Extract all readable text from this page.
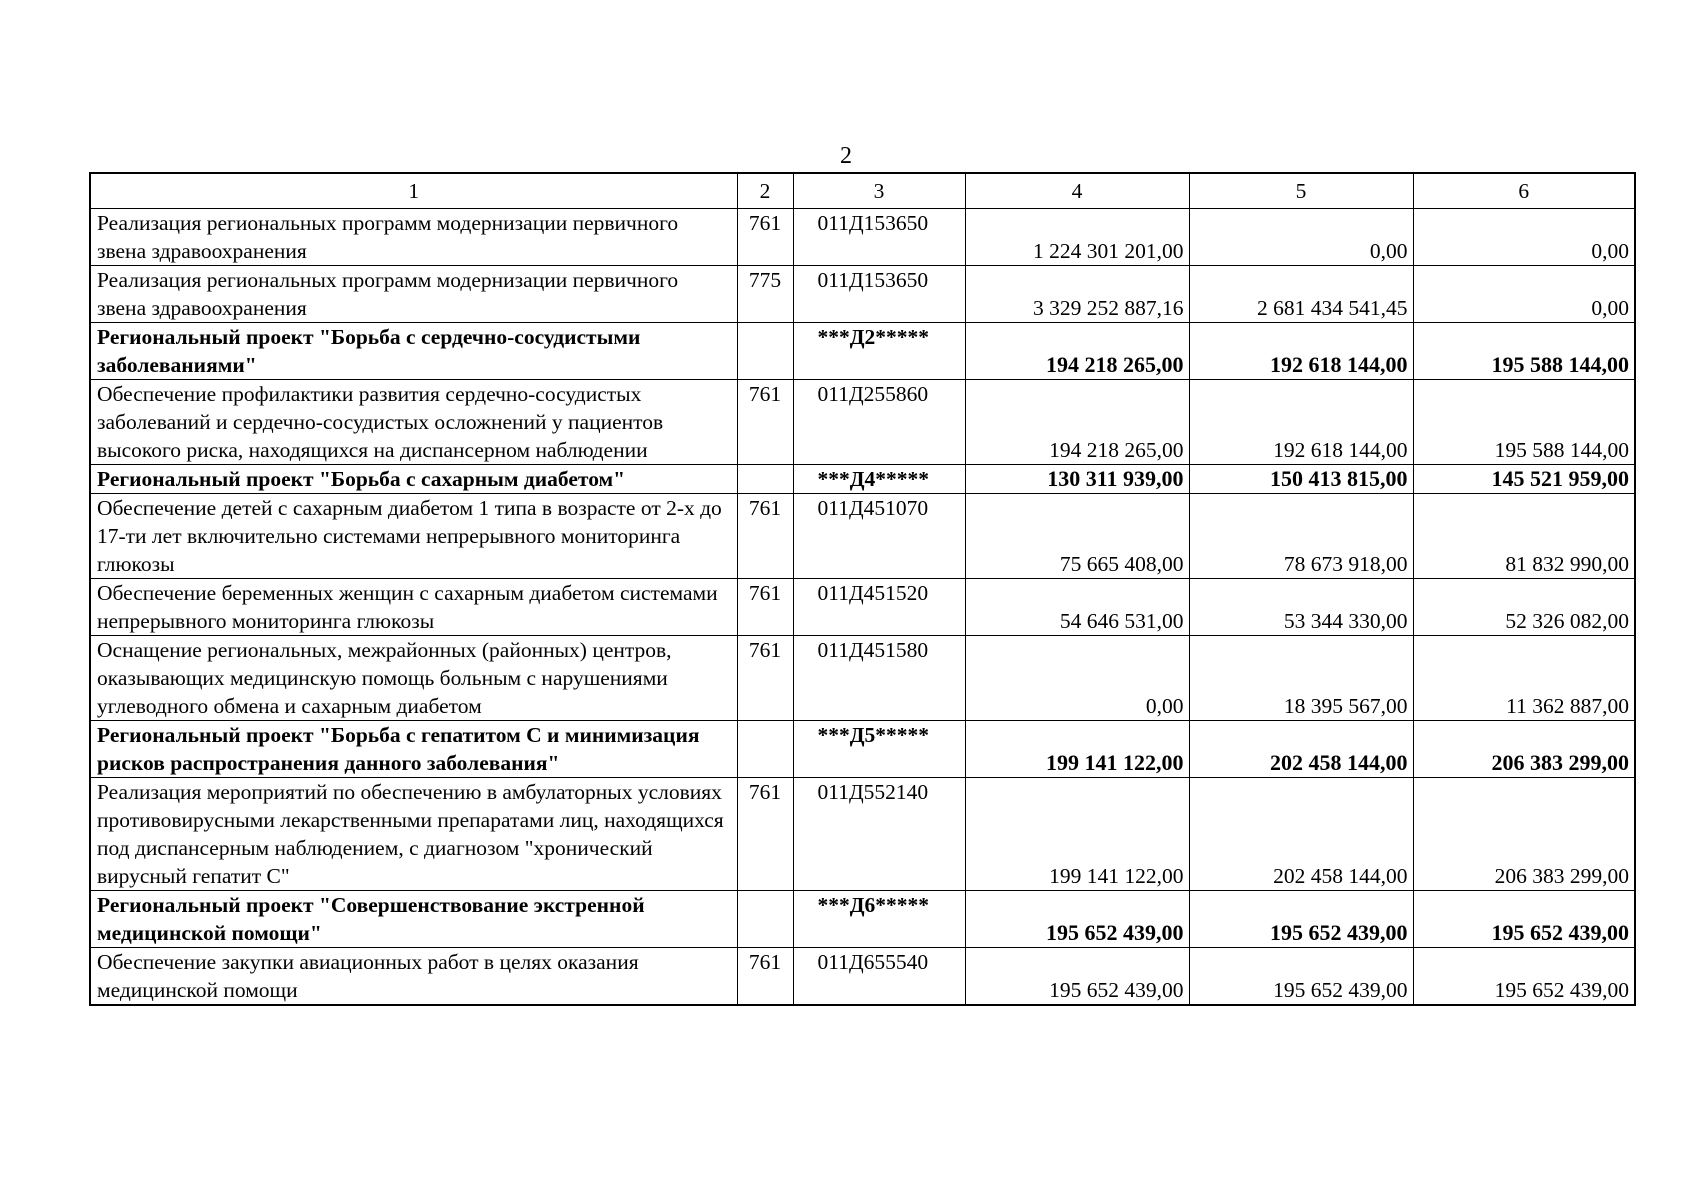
2
1	2	3	4	5	6
Реализация региональных программ модернизации первичного звена здравоохранения	761	011Д153650	1 224 301 201,00	0,00	0,00
Реализация региональных программ модернизации первичного звена здравоохранения	775	011Д153650	3 329 252 887,16	2 681 434 541,45	0,00
Региональный проект "Борьба с сердечно-сосудистыми заболеваниями"		***Д2*****	194 218 265,00	192 618 144,00	195 588 144,00
Обеспечение профилактики развития сердечно-сосудистых заболеваний и сердечно-сосудистых осложнений у пациентов высокого риска, находящихся на диспансерном наблюдении	761	011Д255860	194 218 265,00	192 618 144,00	195 588 144,00
Региональный проект "Борьба с сахарным диабетом"		***Д4*****	130 311 939,00	150 413 815,00	145 521 959,00
Обеспечение детей с сахарным диабетом 1 типа в возрасте от 2-х до 17-ти лет включительно системами непрерывного мониторинга глюкозы	761	011Д451070	75 665 408,00	78 673 918,00	81 832 990,00
Обеспечение беременных женщин с сахарным диабетом системами непрерывного мониторинга глюкозы	761	011Д451520	54 646 531,00	53 344 330,00	52 326 082,00
Оснащение региональных, межрайонных (районных) центров, оказывающих медицинскую помощь больным с нарушениями углеводного обмена и сахарным диабетом	761	011Д451580	0,00	18 395 567,00	11 362 887,00
Региональный проект "Борьба с гепатитом С и минимизация рисков распространения данного заболевания"		***Д5*****	199 141 122,00	202 458 144,00	206 383 299,00
Реализация мероприятий по обеспечению в амбулаторных условиях противовирусными лекарственными препаратами лиц, находящихся под диспансерным наблюдением, с диагнозом "хронический вирусный гепатит С"	761	011Д552140	199 141 122,00	202 458 144,00	206 383 299,00
Региональный проект "Совершенствование экстренной медицинской помощи"		***Д6*****	195 652 439,00	195 652 439,00	195 652 439,00
Обеспечение закупки авиационных работ в целях оказания медицинской помощи	761	011Д655540	195 652 439,00	195 652 439,00	195 652 439,00
